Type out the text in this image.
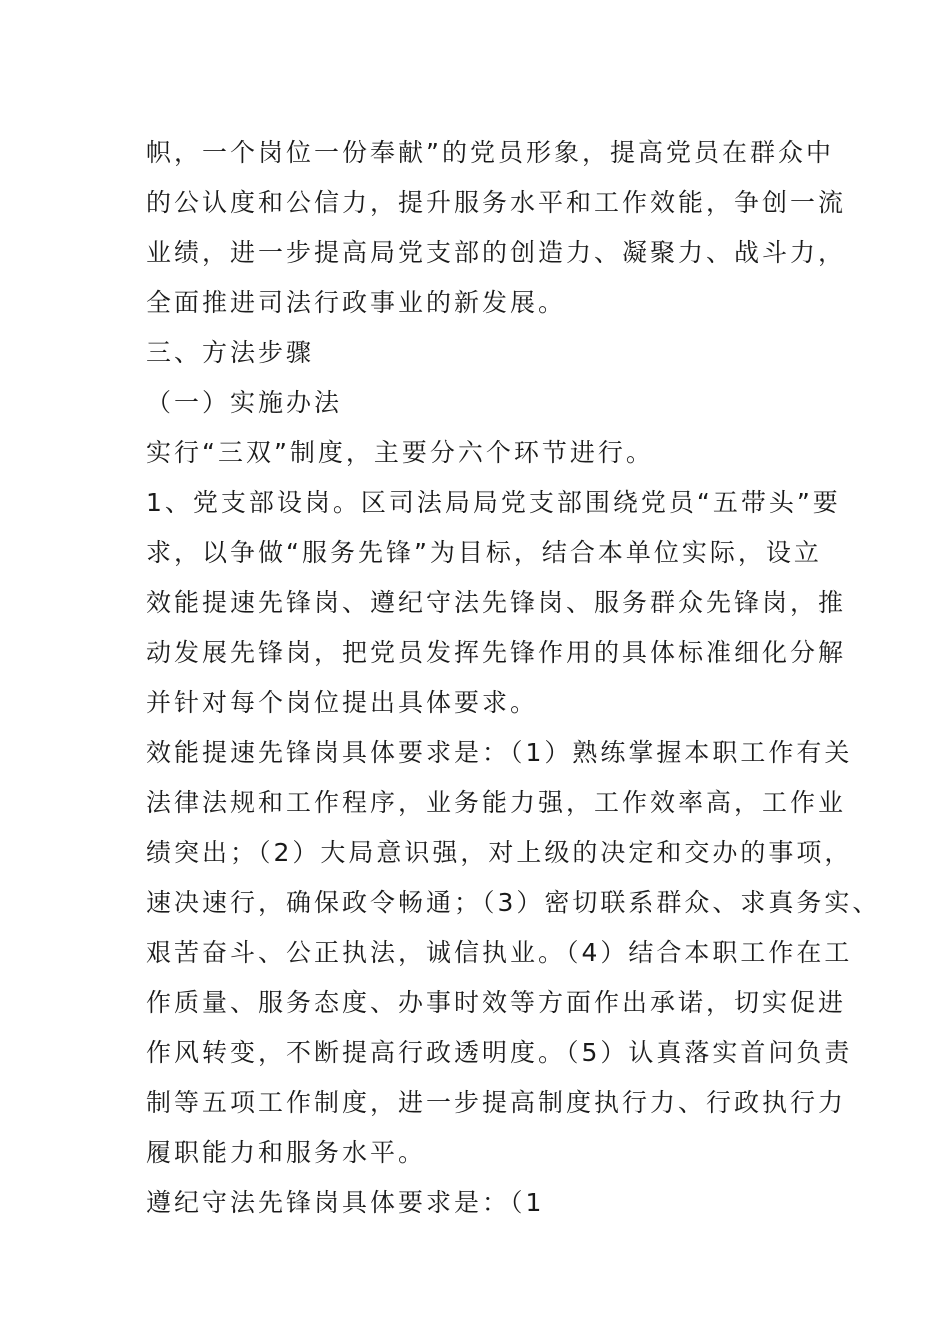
帜，一个岗位一份奉献”的党员形象，提高党员在群众中
的公认度和公信力，提升服务水平和工作效能，争创一流
业绩，进一步提高局党支部的创造力、凝聚力、战斗力，
全面推进司法行政事业的新发展。
三、方法步骤
（一）实施办法
实行“三双”制度，主要分六个环节进行。
1、党支部设岗。区司法局局党支部围绕党员“五带头”要
求，以争做“服务先锋”为目标，结合本单位实际，设立
效能提速先锋岗、遵纪守法先锋岗、服务群众先锋岗，推
动发展先锋岗，把党员发挥先锋作用的具体标准细化分解
并针对每个岗位提出具体要求。
效能提速先锋岗具体要求是：（1）熟练掌握本职工作有关
法律法规和工作程序，业务能力强，工作效率高，工作业
绩突出；（2）大局意识强，对上级的决定和交办的事项，
速决速行，确保政令畅通；（3）密切联系群众、求真务实、
艰苦奋斗、公正执法，诚信执业。（4）结合本职工作在工
作质量、服务态度、办事时效等方面作出承诺，切实促进
作风转变，不断提高行政透明度。（5）认真落实首问负责
制等五项工作制度，进一步提高制度执行力、行政执行力
履职能力和服务水平。
遵纪守法先锋岗具体要求是：（1
